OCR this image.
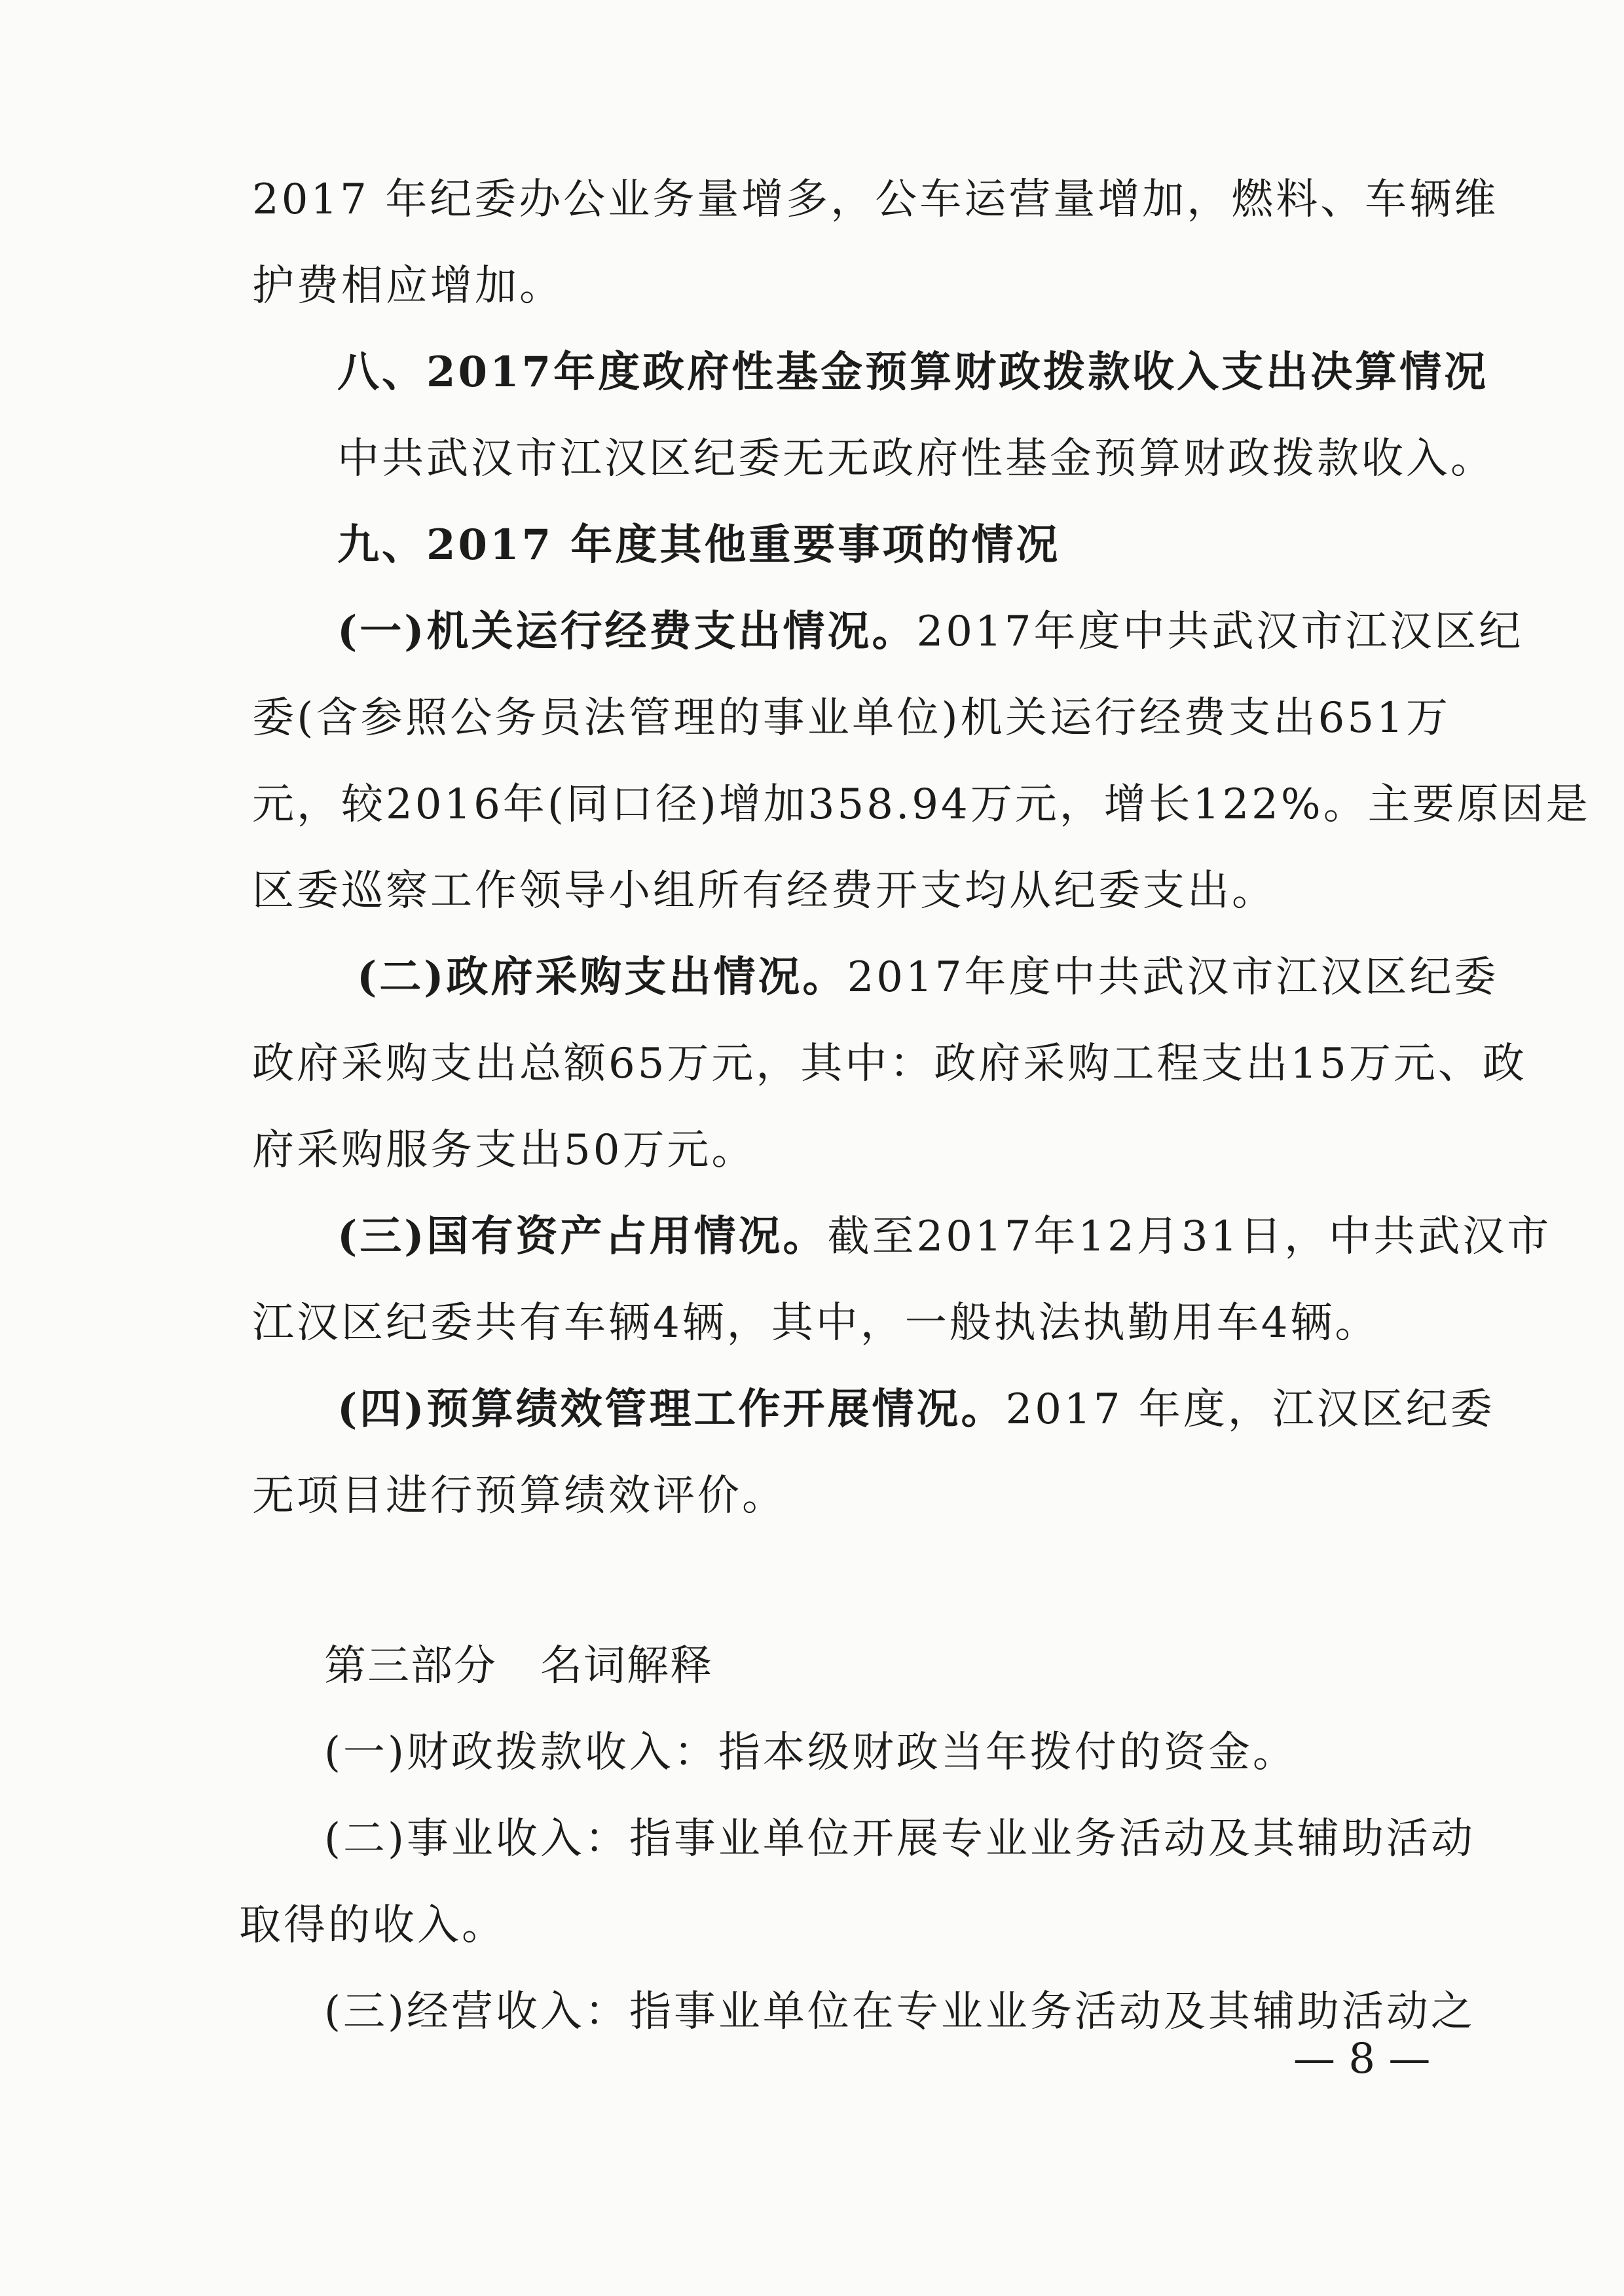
2017 年纪委办公业务量增多，公车运营量增加，燃料、车辆维
护费相应增加。
八、2017年度政府性基金预算财政拨款收入支出决算情况
中共武汉市江汉区纪委无无政府性基金预算财政拨款收入。
九、2017 年度其他重要事项的情况
(一)机关运行经费支出情况。2017年度中共武汉市江汉区纪
委(含参照公务员法管理的事业单位)机关运行经费支出651万
元，较2016年(同口径)增加358.94万元，增长122%。主要原因是
区委巡察工作领导小组所有经费开支均从纪委支出。
(二)政府采购支出情况。2017年度中共武汉市江汉区纪委
政府采购支出总额65万元，其中：政府采购工程支出15万元、政
府采购服务支出50万元。
(三)国有资产占用情况。截至2017年12月31日，中共武汉市
江汉区纪委共有车辆4辆，其中，一般执法执勤用车4辆。
(四)预算绩效管理工作开展情况。2017 年度，江汉区纪委
无项目进行预算绩效评价。
第三部分　名词解释
(一)财政拨款收入：指本级财政当年拨付的资金。
(二)事业收入：指事业单位开展专业业务活动及其辅助活动
取得的收入。
(三)经营收入：指事业单位在专业业务活动及其辅助活动之
— 8 —
